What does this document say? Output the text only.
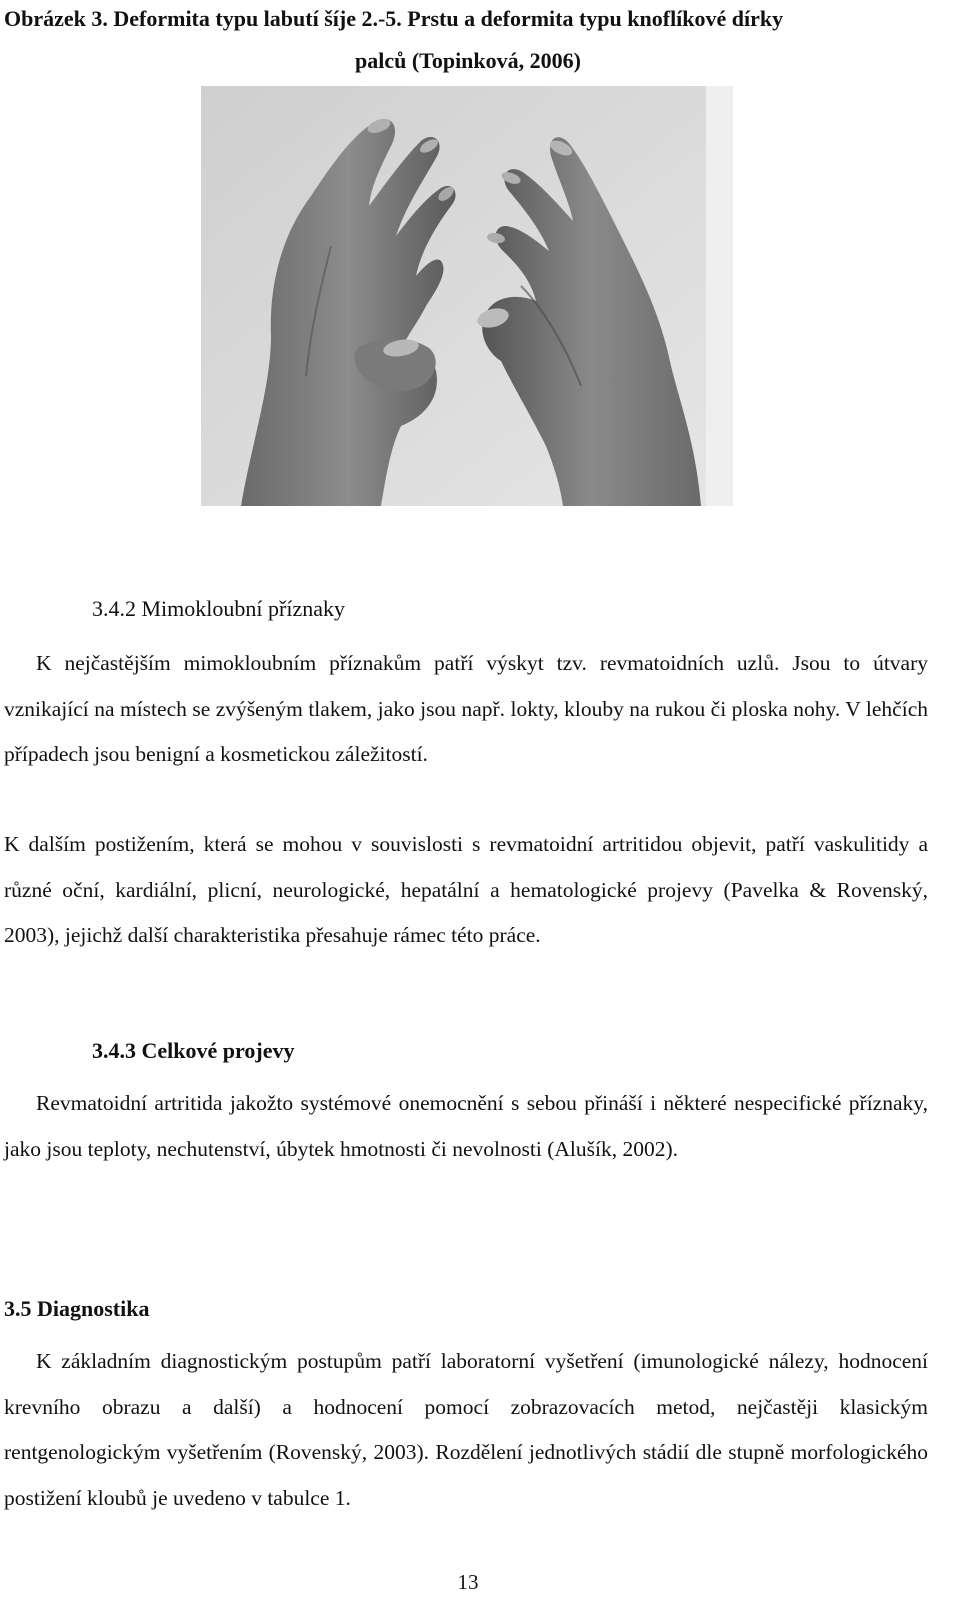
Obrázek 3. Deformita typu labutí šíje 2.-5. Prstu a deformita typu knoflíkové dírky
palců (Topinková, 2006)
3.4.2 Mimokloubní příznaky
K nejčastějším mimokloubním příznakům patří výskyt tzv. revmatoidních uzlů. Jsou to útvary vznikající na místech se zvýšeným tlakem, jako jsou např. lokty, klouby na rukou či ploska nohy. V lehčích případech jsou benigní a kosmetickou záležitostí.
K dalším postižením, která se mohou v souvislosti s revmatoidní artritidou objevit, patří vaskulitidy a různé oční, kardiální, plicní, neurologické, hepatální a hematologické projevy (Pavelka & Rovenský, 2003), jejichž další charakteristika přesahuje rámec této práce.
3.4.3 Celkové projevy
Revmatoidní artritida jakožto systémové onemocnění s sebou přináší i některé nespecifické příznaky, jako jsou teploty, nechutenství, úbytek hmotnosti či nevolnosti (Alušík, 2002).
3.5 Diagnostika
K základním diagnostickým postupům patří laboratorní vyšetření (imunologické nálezy, hodnocení krevního obrazu a další) a hodnocení pomocí zobrazovacích metod, nejčastěji klasickým rentgenologickým vyšetřením (Rovenský, 2003). Rozdělení jednotlivých stádií dle stupně morfologického postižení kloubů je uvedeno v tabulce 1.
13
